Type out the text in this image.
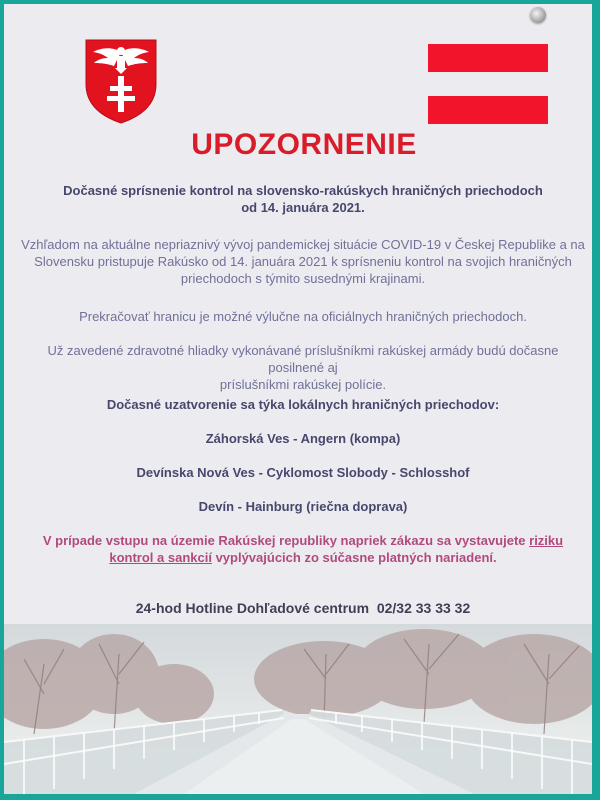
UPOZORNENIE
Dočasné sprísnenie kontrol na slovensko-rakúskych hraničných priechodoch
od 14. januára 2021.
Vzhľadom na aktuálne nepriaznivý vývoj pandemickej situácie COVID-19 v Českej Republike a na
Slovensku pristupuje Rakúsko od 14. januára 2021 k sprísneniu kontrol na svojich hraničných
priechodoch s týmito susednými krajinami.
Prekračovať hranicu je možné výlučne na oficiálnych hraničných priechodoch.
Už zavedené zdravotné hliadky vykonávané príslušníkmi rakúskej armády budú dočasne posilnené aj
príslušníkmi rakúskej polície.
Dočasné uzatvorenie sa týka lokálnych hraničných priechodov:
Záhorská Ves - Angern (kompa)
Devínska Nová Ves - Cyklomost Slobody - Schlosshof
Devín - Hainburg (riečna doprava)
V prípade vstupu na územie Rakúskej republiky napriek zákazu sa vystavujete riziku
kontrol a sankcií vyplývajúcich zo súčasne platných nariadení.
24-hod Hotline Dohľadové centrum  02/32 33 33 32
